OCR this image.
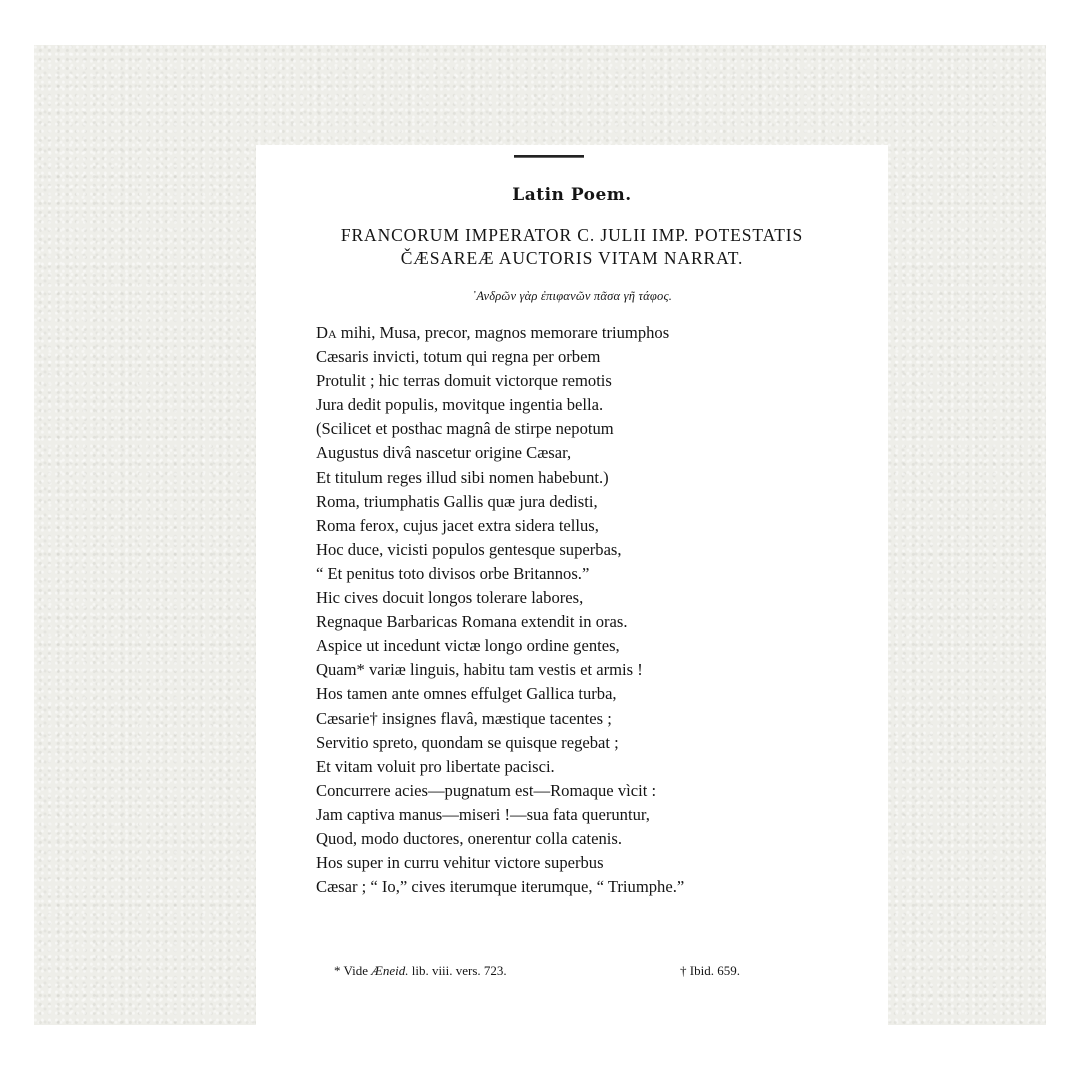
Latin Poem.
FRANCORUM IMPERATOR C. JULII IMP. POTESTATIS
ČÆSAREÆ AUCTORIS VITAM NARRAT.
᾿Ανδρῶν γὰρ ἐπιφανῶν πᾶσα γῆ τάφος.
Da mihi, Musa, precor, magnos memorare triumphos
Cæsaris invicti, totum qui regna per orbem
Protulit ; hic terras domuit victorque remotis
Jura dedit populis, movitque ingentia bella.
(Scilicet et posthac magnâ de stirpe nepotum
Augustus divâ nascetur origine Cæsar,
Et titulum reges illud sibi nomen habebunt.)
Roma, triumphatis Gallis quæ jura dedisti,
Roma ferox, cujus jacet extra sidera tellus,
Hoc duce, vicisti populos gentesque superbas,
“ Et penitus toto divisos orbe Britannos.”
Hic cives docuit longos tolerare labores,
Regnaque Barbaricas Romana extendit in oras.
Aspice ut incedunt victæ longo ordine gentes,
Quam* variæ linguis, habitu tam vestis et armis !
Hos tamen ante omnes effulget Gallica turba,
Cæsarie† insignes flavâ, mæstique tacentes ;
Servitio spreto, quondam se quisque regebat ;
Et vitam voluit pro libertate pacisci.
Concurrere acies—pugnatum est—Romaque vìcit :
Jam captiva manus—miseri !—sua fata queruntur,
Quod, modo ductores, onerentur colla catenis.
Hos super in curru vehitur victore superbus
Cæsar ; “ Io,” cives iterumque iterumque, “ Triumphe.”
* Vide Æneid. lib. viii. vers. 723.	† Ibid. 659.
